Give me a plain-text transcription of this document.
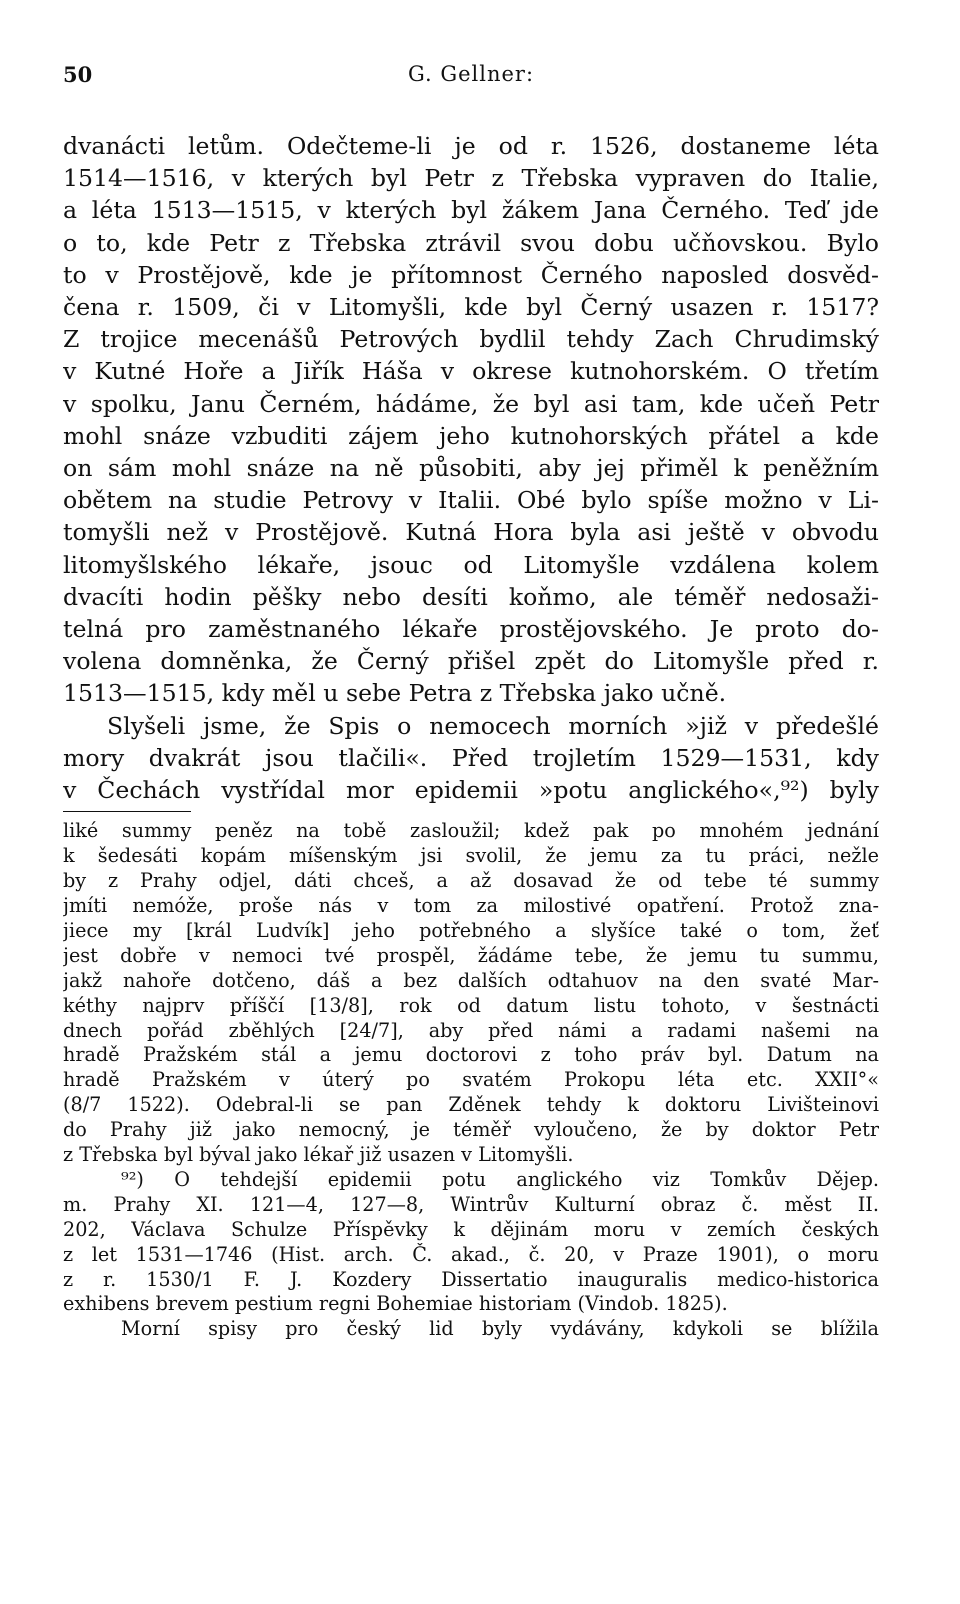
50	G. Gellner:
dvanácti letům. Odečteme-li je od r. 1526, dostaneme léta
1514—1516, v kterých byl Petr z Třebska vypraven do Italie,
a léta 1513—1515, v kterých byl žákem Jana Černého. Teď jde
o to, kde Petr z Třebska ztrávil svou dobu učňovskou. Bylo
to v Prostějově, kde je přítomnost Černého naposled dosvěd-
čena r. 1509, či v Litomyšli, kde byl Černý usazen r. 1517?
Z trojice mecenášů Petrových bydlil tehdy Zach Chrudimský
v Kutné Hoře a Jiřík Háša v okrese kutnohorském. O třetím
v spolku, Janu Černém, hádáme, že byl asi tam, kde učeň Petr
mohl snáze vzbuditi zájem jeho kutnohorských přátel a kde
on sám mohl snáze na ně působiti, aby jej přiměl k peněžním
obětem na studie Petrovy v Italii. Obé bylo spíše možno v Li-
tomyšli než v Prostějově. Kutná Hora byla asi ještě v obvodu
litomyšlského lékaře, jsouc od Litomyšle vzdálena kolem
dvacíti hodin pěšky nebo desíti koňmo, ale téměř nedosaži-
telná pro zaměstnaného lékaře prostějovského. Je proto do-
volena domněnka, že Černý přišel zpět do Litomyšle před r.
1513—1515, kdy měl u sebe Petra z Třebska jako učně.
Slyšeli jsme, že Spis o nemocech morních »již v předešlé
mory dvakrát jsou tlačili«. Před trojletím 1529—1531, kdy
v Čechách vystřídal mor epidemii »potu anglického«,⁹²) byly
liké summy peněz na tobě zasloužil; kdež pak po mnohém jednání
k šedesáti kopám míšenským jsi svolil, že jemu za tu práci, nežle
by z Prahy odjel, dáti chceš, a až dosavad že od tebe té summy
jmíti nemóže, proše nás v tom za milostivé opatření. Protož zna-
jiece my [král Ludvík] jeho potřebného a slyšíce také o tom, žeť
jest dobře v nemoci tvé prospěl, žádáme tebe, že jemu tu summu,
jakž nahoře dotčeno, dáš a bez dalších odtahuov na den svaté Mar-
kéthy najprv příščí [13/8], rok od datum listu tohoto, v šestnácti
dnech pořád zběhlých [24/7], aby před námi a radami našemi na
hradě Pražském stál a jemu doctorovi z toho práv byl. Datum na
hradě Pražském v úterý po svatém Prokopu léta etc. XXII°«
(8/7 1522). Odebral-li se pan Zděnek tehdy k doktoru Livišteinovi
do Prahy již jako nemocný, je téměř vyloučeno, že by doktor Petr
z Třebska byl býval jako lékař již usazen v Litomyšli.
⁹²) O tehdejší epidemii potu anglického viz Tomkův Dějep.
m. Prahy XI. 121—4, 127—8, Wintrův Kulturní obraz č. měst II.
202, Václava Schulze Příspěvky k dějinám moru v zemích českých
z let 1531—1746 (Hist. arch. Č. akad., č. 20, v Praze 1901), o moru
z r. 1530/1 F. J. Kozdery Dissertatio inauguralis medico-historica
exhibens brevem pestium regni Bohemiae historiam (Vindob. 1825).
Morní spisy pro český lid byly vydávány, kdykoli se blížila
